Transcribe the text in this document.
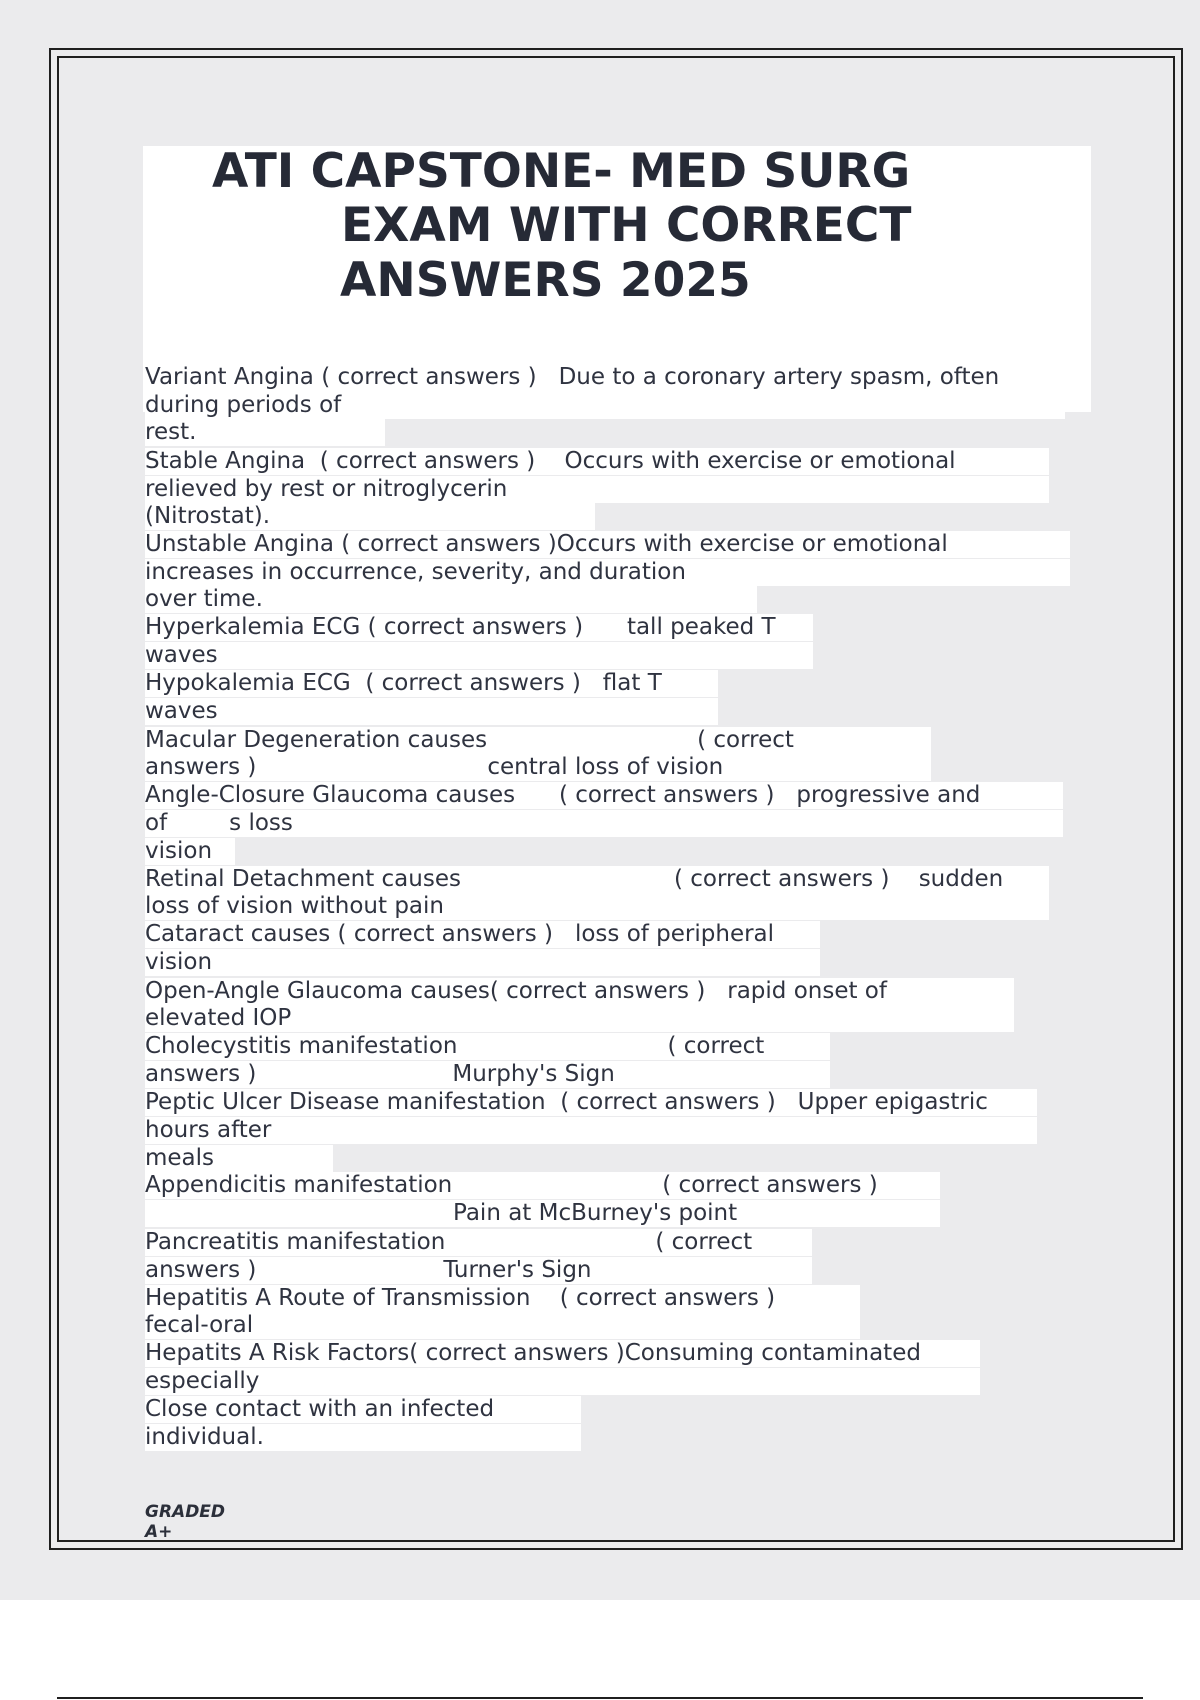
ATI CAPSTONE- MED SURG
EXAM WITH CORRECT
ANSWERS 2025
Variant Angina ( correct answers ) Due to a coronary artery spasm, often
during periods of
rest.
Stable Angina ( correct answers ) Occurs with exercise or emotional
relieved by rest or nitroglycerin
(Nitrostat).
Unstable Angina ( correct answers )Occurs with exercise or emotional
increases in occurrence, severity, and duration
over time.
Hyperkalemia ECG ( correct answers ) tall peaked T
waves
Hypokalemia ECG ( correct answers ) flat T
waves
Macular Degeneration causes	( correct
answers )	central loss of vision
Angle-Closure Glaucoma causes ( correct answers ) progressive and
of	s loss
vision
Retinal Detachment causes	( correct answers ) sudden
loss of vision without pain
Cataract causes ( correct answers ) loss of peripheral
vision
Open-Angle Glaucoma causes( correct answers ) rapid onset of
elevated IOP
Cholecystitis manifestation	( correct
answers )	Murphy's Sign
Peptic Ulcer Disease manifestation ( correct answers ) Upper epigastric
hours after
meals
Appendicitis manifestation	( correct answers )
Pain at McBurney's point
Pancreatitis manifestation	( correct
answers )	Turner's Sign
Hepatitis A Route of Transmission ( correct answers )
fecal-oral
Hepatits A Risk Factors( correct answers )Consuming contaminated
especially
Close contact with an infected
individual.
GRADED
A+
